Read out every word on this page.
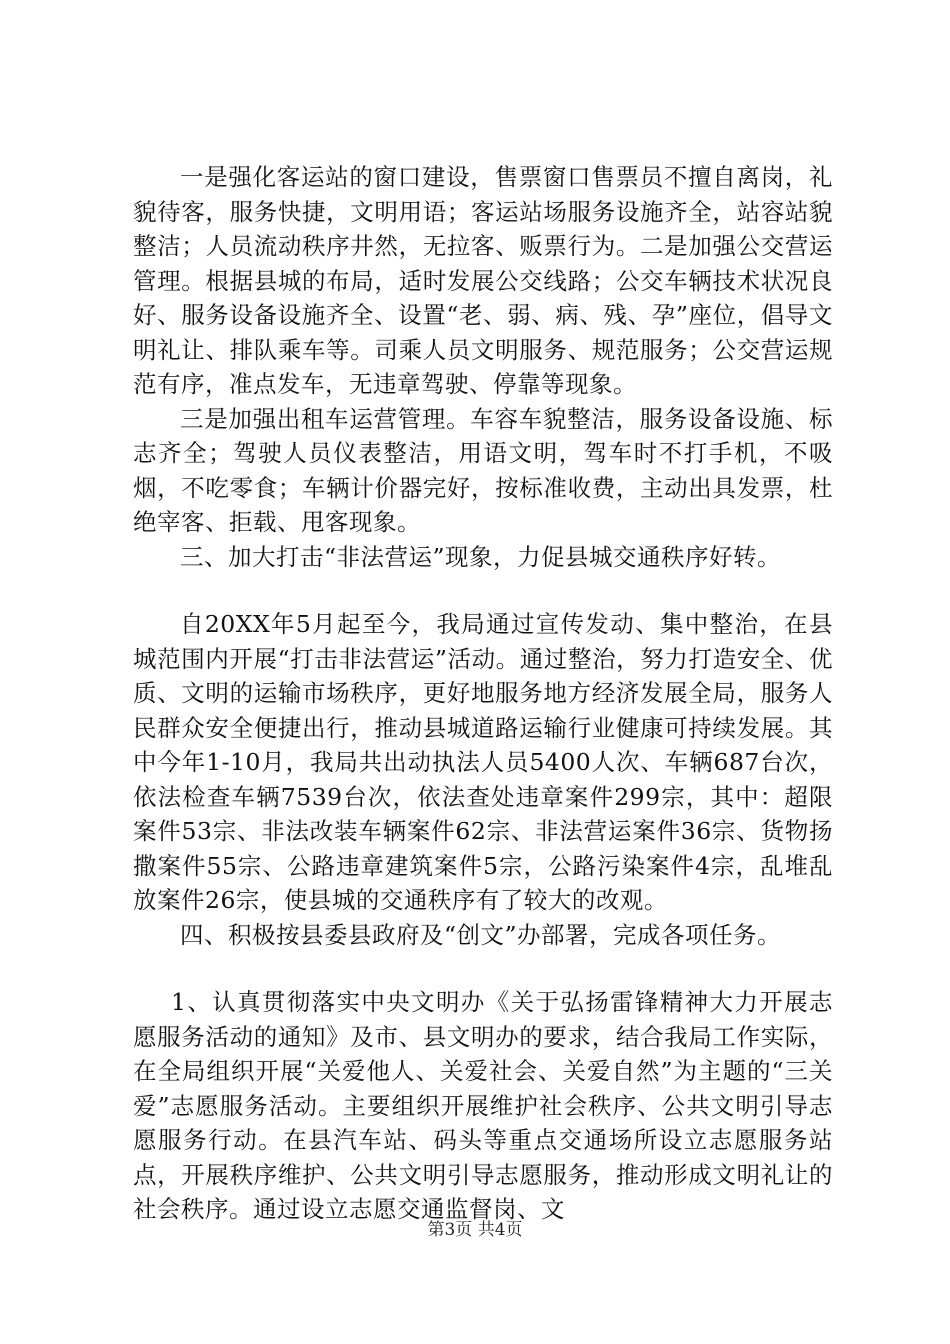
一是强化客运站的窗口建设，售票窗口售票员不擅自离岗，礼貌待客，服务快捷，文明用语；客运站场服务设施齐全，站容站貌整洁；人员流动秩序井然，无拉客、贩票行为。二是加强公交营运管理。根据县城的布局，适时发展公交线路；公交车辆技术状况良好、服务设备设施齐全、设置“老、弱、病、残、孕”座位，倡导文明礼让、排队乘车等。司乘人员文明服务、规范服务；公交营运规范有序，准点发车，无违章驾驶、停靠等现象。

三是加强出租车运营管理。车容车貌整洁，服务设备设施、标志齐全；驾驶人员仪表整洁，用语文明，驾车时不打手机，不吸烟，不吃零食；车辆计价器完好，按标准收费，主动出具发票，杜绝宰客、拒载、甩客现象。

三、加大打击“非法营运”现象，力促县城交通秩序好转。

自20XX年5月起至今，我局通过宣传发动、集中整治，在县城范围内开展“打击非法营运”活动。通过整治，努力打造安全、优质、文明的运输市场秩序，更好地服务地方经济发展全局，服务人民群众安全便捷出行，推动县城道路运输行业健康可持续发展。其中今年1-10月，我局共出动执法人员5400人次、车辆687台次，依法检查车辆7539台次，依法查处违章案件299宗，其中：超限案件53宗、非法改装车辆案件62宗、非法营运案件36宗、货物扬撒案件55宗、公路违章建筑案件5宗，公路污染案件4宗，乱堆乱放案件26宗，使县城的交通秩序有了较大的改观。

四、积极按县委县政府及“创文”办部署，完成各项任务。

1、认真贯彻落实中央文明办《关于弘扬雷锋精神大力开展志愿服务活动的通知》及市、县文明办的要求，结合我局工作实际，在全局组织开展“关爱他人、关爱社会、关爱自然”为主题的“三关爱”志愿服务活动。主要组织开展维护社会秩序、公共文明引导志愿服务行动。在县汽车站、码头等重点交通场所设立志愿服务站点，开展秩序维护、公共文明引导志愿服务，推动形成文明礼让的社会秩序。通过设立志愿交通监督岗、文

第3页 共4页
